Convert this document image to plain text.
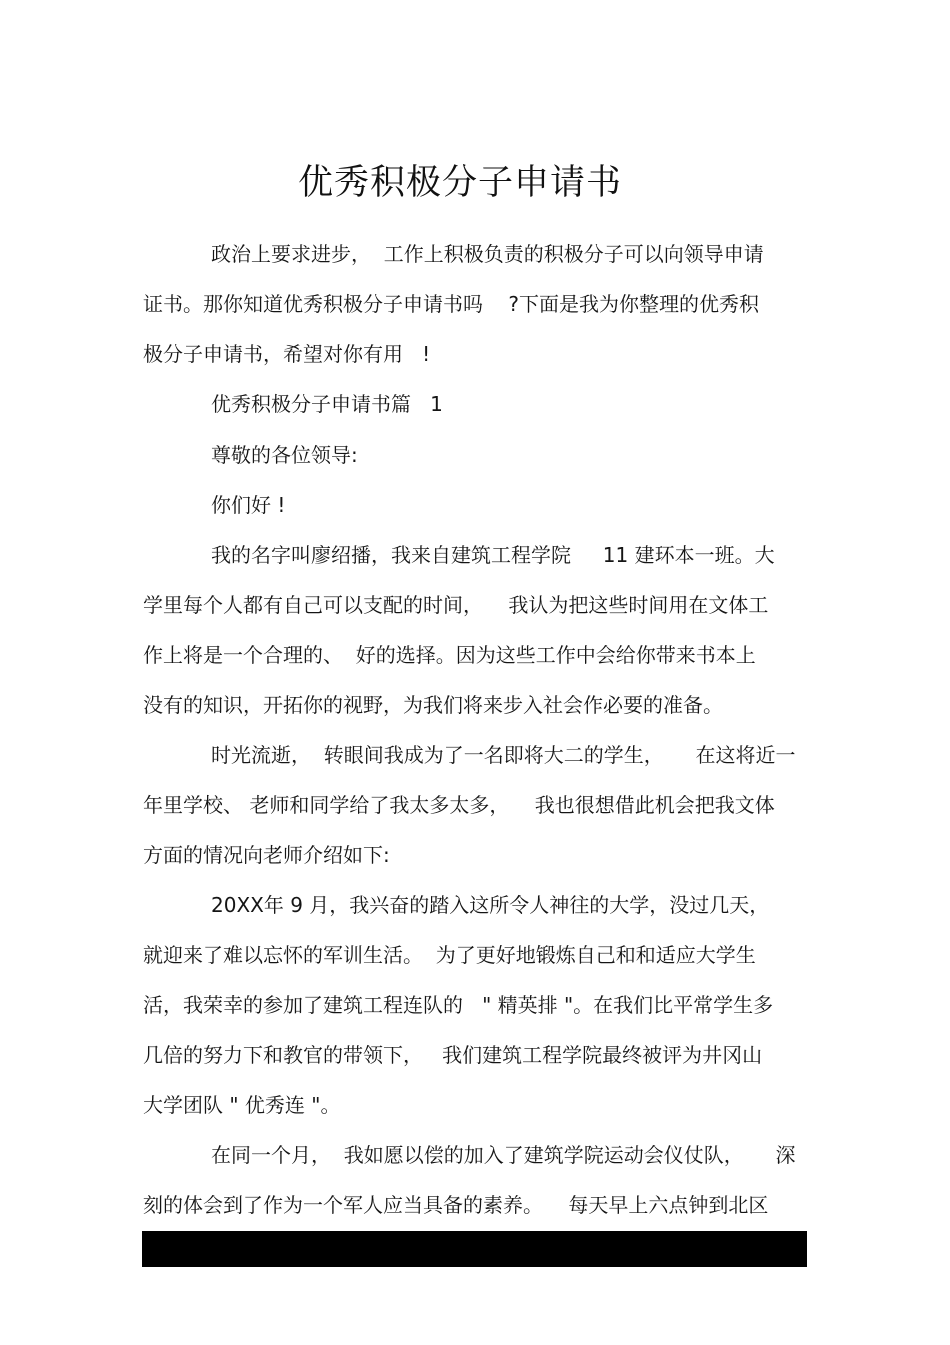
优秀积极分子申请书
政治上要求进步，  工作上积极负责的积极分子可以向领导申请
证书。那你知道优秀积极分子申请书吗    ?下面是我为你整理的优秀积
极分子申请书，希望对你有用   !
优秀积极分子申请书篇   1
尊敬的各位领导:
你们好 !
我的名字叫廖绍播，我来自建筑工程学院     11 建环本一班。大
学里每个人都有自己可以支配的时间，    我认为把这些时间用在文体工
作上将是一个合理的、  好的选择。因为这些工作中会给你带来书本上
没有的知识，开拓你的视野，为我们将来步入社会作必要的准备。
时光流逝，  转眼间我成为了一名即将大二的学生，     在这将近一
年里学校、 老师和同学给了我太多太多，    我也很想借此机会把我文体
方面的情况向老师介绍如下:
20XX年 9 月，我兴奋的踏入这所令人神往的大学，没过几天，
就迎来了难以忘怀的军训生活。  为了更好地锻炼自己和和适应大学生
活，我荣幸的参加了建筑工程连队的   " 精英排 "。在我们比平常学生多
几倍的努力下和教官的带领下，   我们建筑工程学院最终被评为井冈山
大学团队 " 优秀连 "。
在同一个月，  我如愿以偿的加入了建筑学院运动会仪仗队，     深
刻的体会到了作为一个军人应当具备的素养。    每天早上六点钟到北区
